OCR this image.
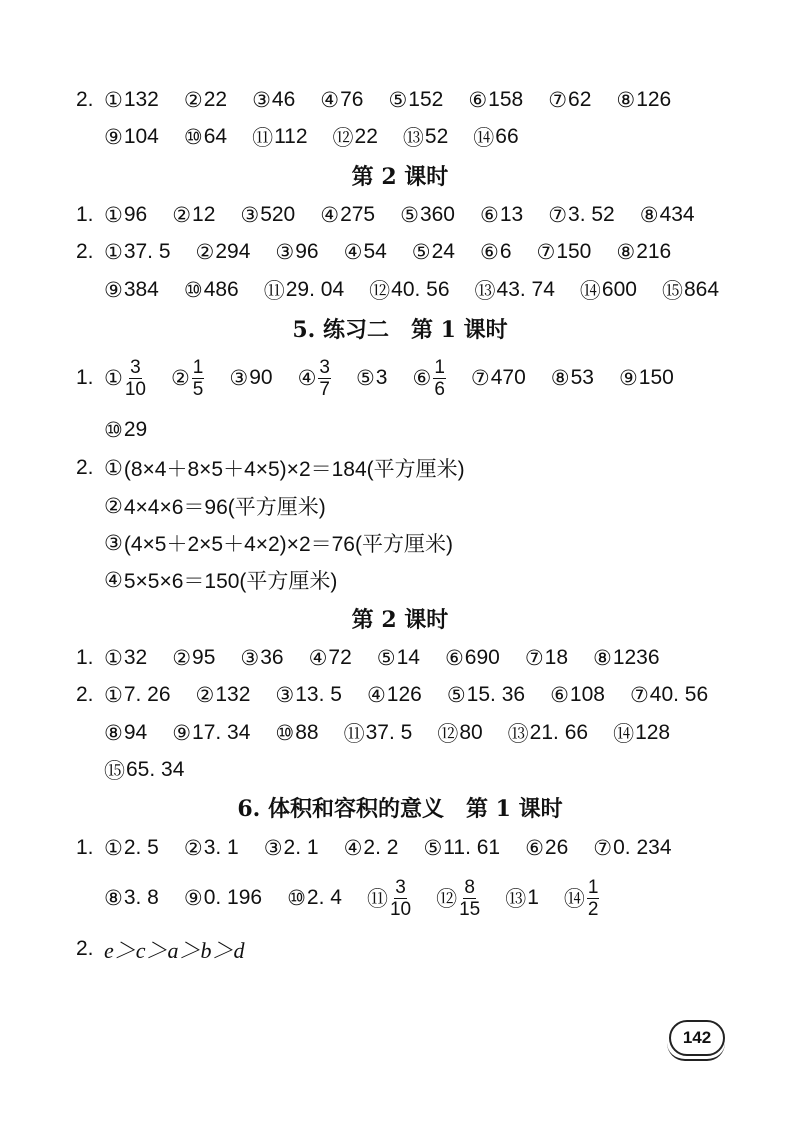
2. ① 132 ② 22 ③ 46 ④ 76 ⑤ 152 ⑥ 158 ⑦ 62 ⑧ 126
⑨ 104 ⑩ 64 ⑪ 112 ⑫ 22 ⑬ 52 ⑭ 66
第 2 课时
1. ① 96 ② 12 ③ 520 ④ 275 ⑤ 360 ⑥ 13 ⑦ 3. 52 ⑧ 434
2. ① 37. 5 ② 294 ③ 96 ④ 54 ⑤ 24 ⑥ 6 ⑦ 150 ⑧ 216
⑨ 384 ⑩ 486 ⑪ 29. 04 ⑫ 40. 56 ⑬ 43. 74 ⑭ 600 ⑮ 864
5. 练习二　第 1 课时
1. ① $\frac{3}{10}$ ② $\frac{1}{5}$ ③ 90 ④ $\frac{3}{7}$ ⑤ 3 ⑥ $\frac{1}{6}$ ⑦ 470 ⑧ 53 ⑨ 150
⑩ 29
2. ① (8×4＋8×5＋4×5)×2＝184(平方厘米)
② 4×4×6＝96(平方厘米)
③ (4×5＋2×5＋4×2)×2＝76(平方厘米)
④ 5×5×6＝150(平方厘米)
第 2 课时
1. ① 32 ② 95 ③ 36 ④ 72 ⑤ 14 ⑥ 690 ⑦ 18 ⑧ 1236
2. ① 7. 26 ② 132 ③ 13. 5 ④ 126 ⑤ 15. 36 ⑥ 108 ⑦ 40. 56
⑧ 94 ⑨ 17. 34 ⑩ 88 ⑪ 37. 5 ⑫ 80 ⑬ 21. 66 ⑭ 128
⑮ 65. 34
6. 体积和容积的意义　第 1 课时
1. ① 2. 5 ② 3. 1 ③ 2. 1 ④ 2. 2 ⑤ 11. 61 ⑥ 26 ⑦ 0. 234
⑧ 3. 8 ⑨ 0. 196 ⑩ 2. 4 ⑪ $\frac{3}{10}$ ⑫ $\frac{8}{15}$ ⑬ 1 ⑭ $\frac{1}{2}$
2. e＞c＞a＞b＞d
142
